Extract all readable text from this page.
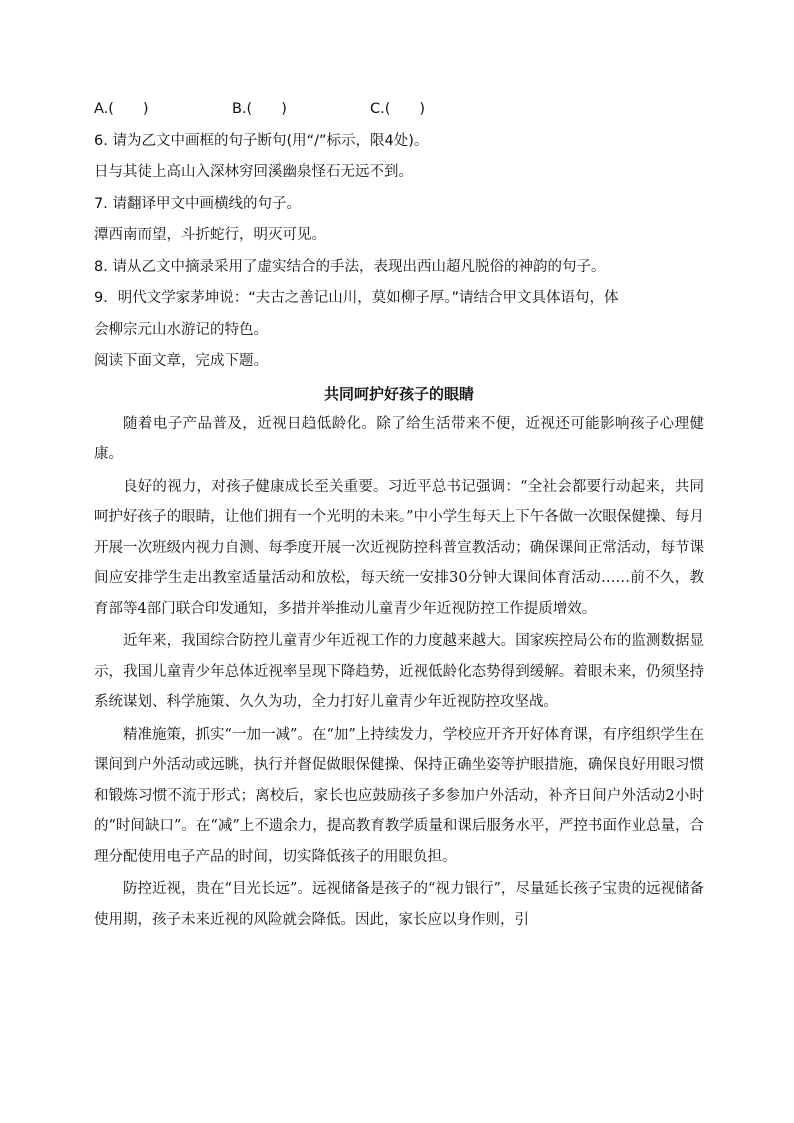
A.(　　)	B.(　　)	C.(　　)
6. 请为乙文中画框的句子断句(用“/”标示，限4处)。
日与其徒上高山入深林穷回溪幽泉怪石无远不到。
7. 请翻译甲文中画横线的句子。
潭西南而望，斗折蛇行，明灭可见。
8. 请从乙文中摘录采用了虚实结合的手法，表现出西山超凡脱俗的神韵的句子。
9．明代文学家茅坤说：“夫古之善记山川，莫如柳子厚。”请结合甲文具体语句，体
会柳宗元山水游记的特色。
阅读下面文章，完成下题。
共同呵护好孩子的眼睛

随着电子产品普及，近视日趋低龄化。除了给生活带来不便，近视还可能影响孩子心理健康。

良好的视力，对孩子健康成长至关重要。习近平总书记强调：“全社会都要行动起来，共同呵护好孩子的眼睛，让他们拥有一个光明的未来。”中小学生每天上下午各做一次眼保健操、每月开展一次班级内视力自测、每季度开展一次近视防控科普宣教活动；确保课间正常活动，每节课间应安排学生走出教室适量活动和放松，每天统一安排30分钟大课间体育活动……前不久，教育部等4部门联合印发通知，多措并举推动儿童青少年近视防控工作提质增效。

近年来，我国综合防控儿童青少年近视工作的力度越来越大。国家疾控局公布的监测数据显示，我国儿童青少年总体近视率呈现下降趋势，近视低龄化态势得到缓解。着眼未来，仍须坚持系统谋划、科学施策、久久为功，全力打好儿童青少年近视防控攻坚战。

精准施策，抓实“一加一减”。在“加”上持续发力，学校应开齐开好体育课，有序组织学生在课间到户外活动或远眺，执行并督促做眼保健操、保持正确坐姿等护眼措施，确保良好用眼习惯和锻炼习惯不流于形式；离校后，家长也应鼓励孩子多参加户外活动，补齐日间户外活动2小时的“时间缺口”。在“减”上不遗余力，提高教育教学质量和课后服务水平，严控书面作业总量，合理分配使用电子产品的时间，切实降低孩子的用眼负担。

防控近视，贵在“目光长远”。远视储备是孩子的“视力银行”，尽量延长孩子宝贵的远视储备使用期，孩子未来近视的风险就会降低。因此，家长应以身作则，引
